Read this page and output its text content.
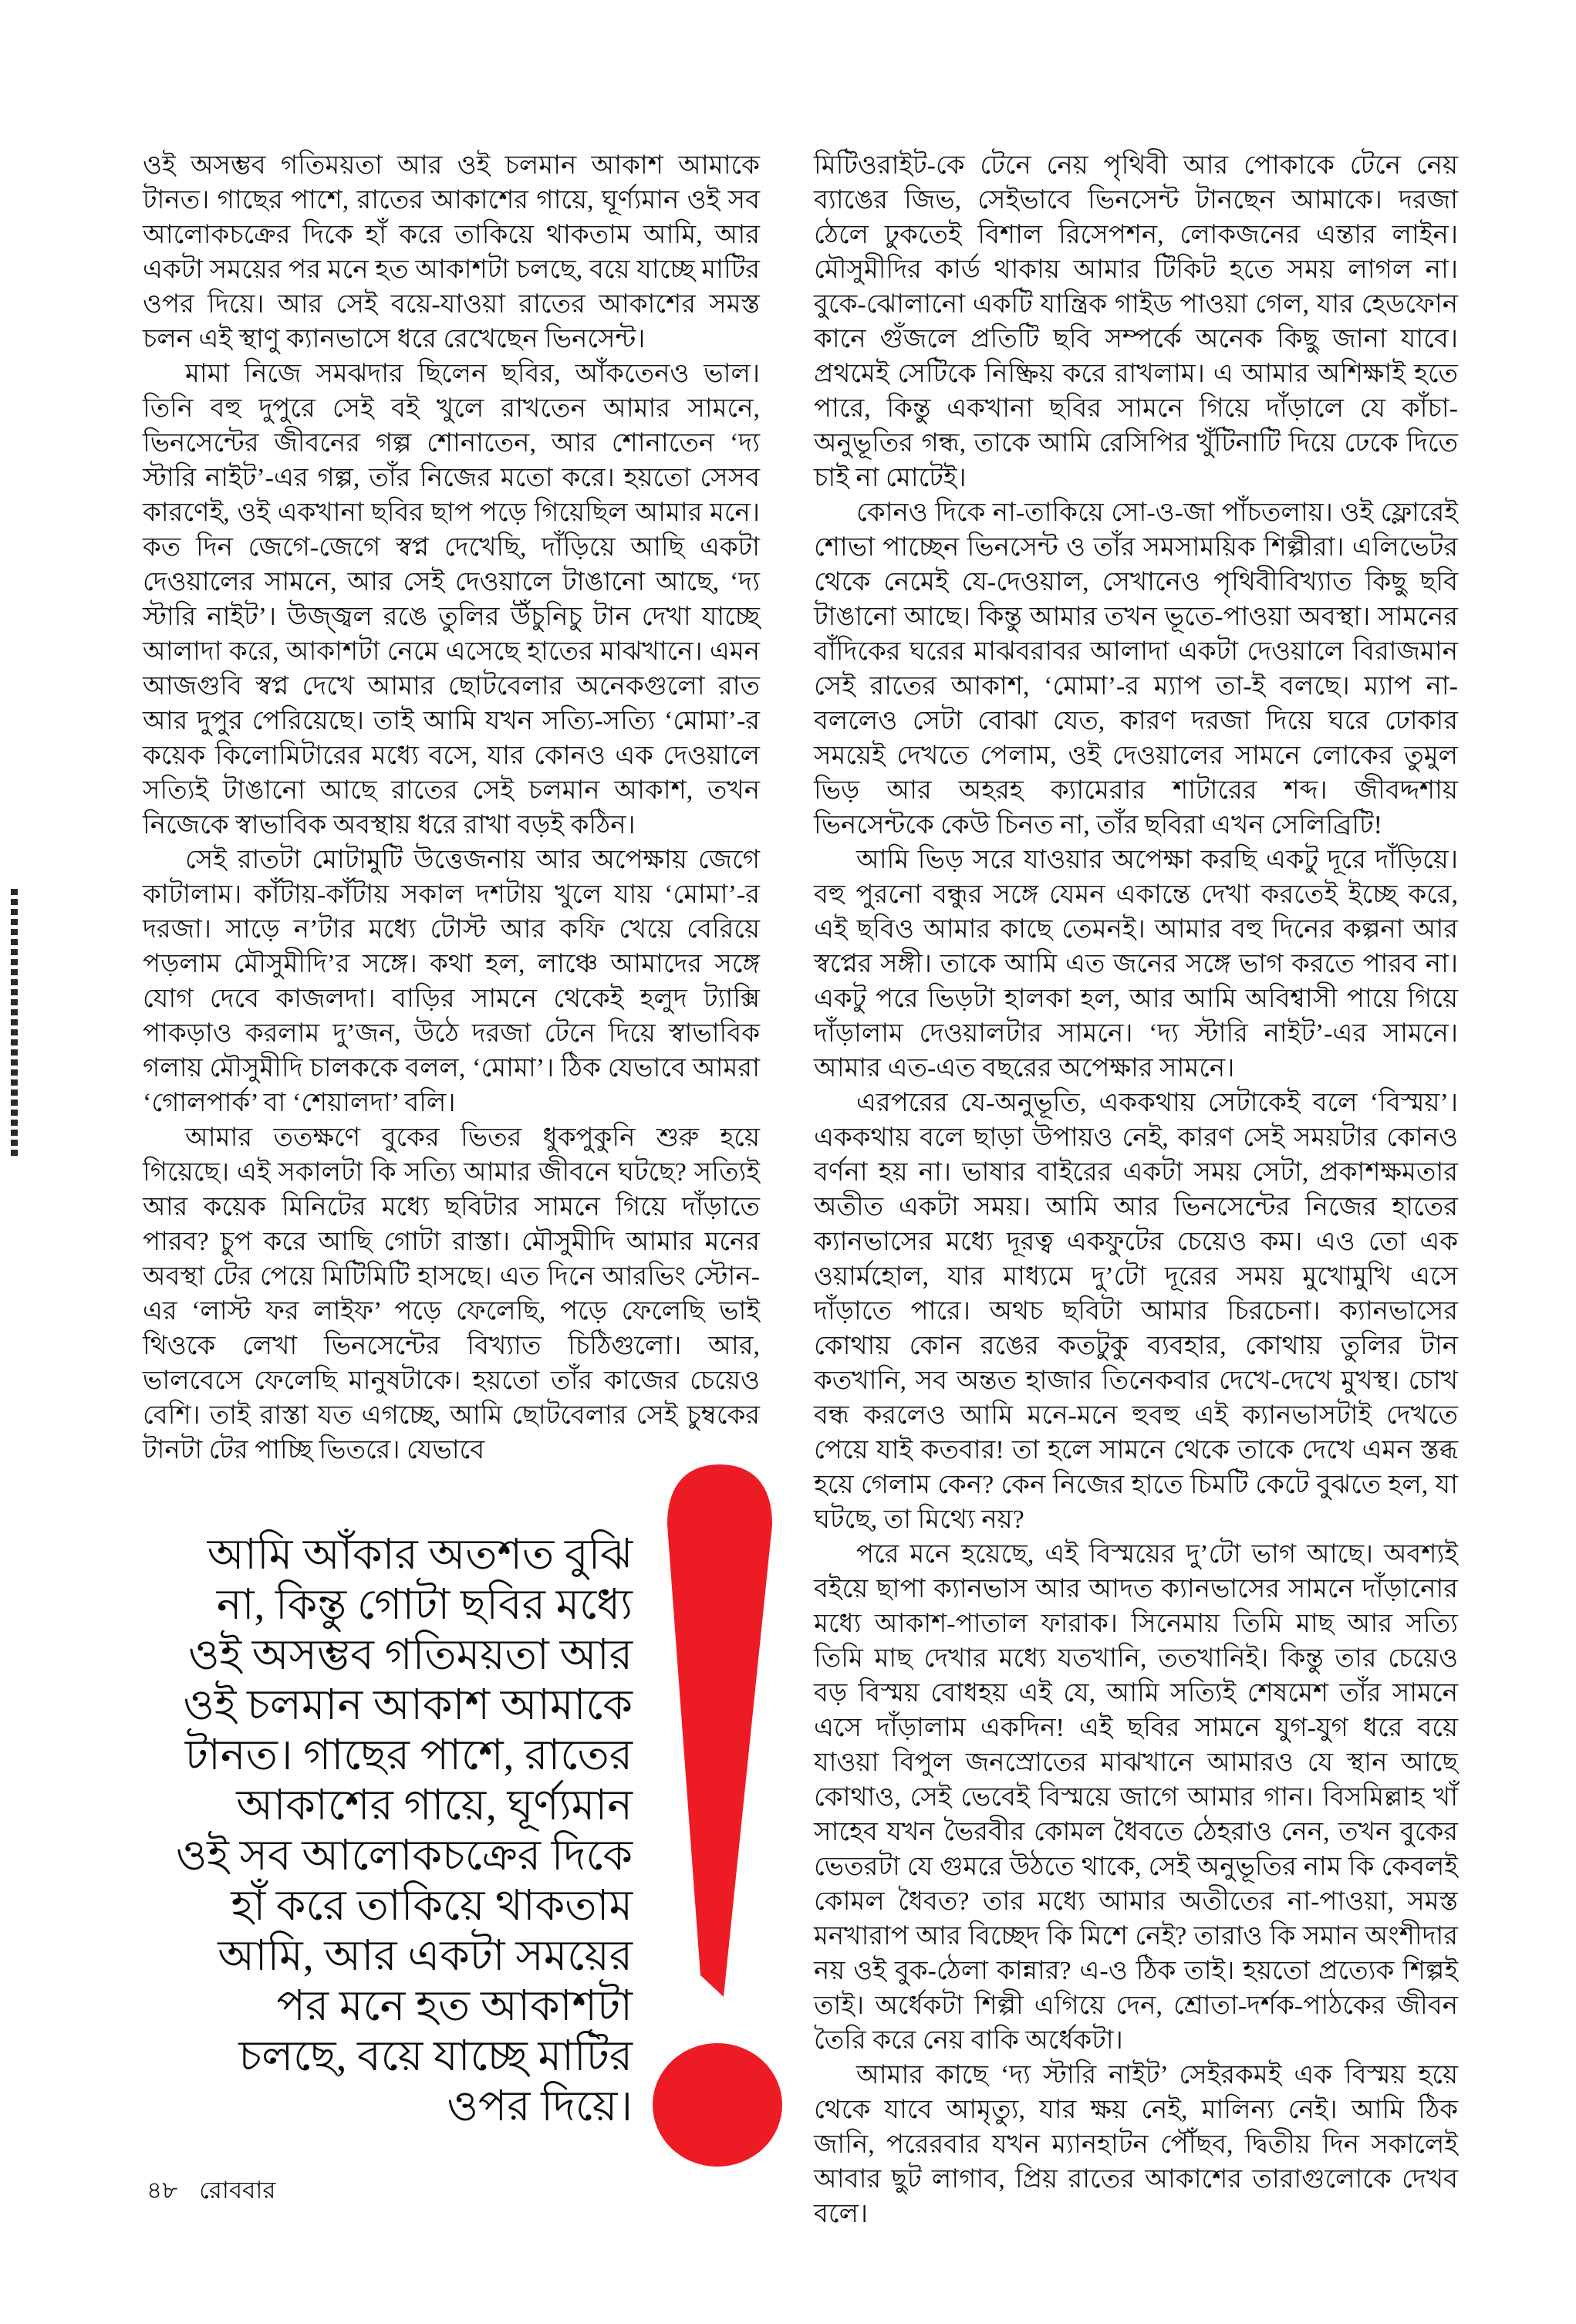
ওই অসম্ভব গতিময়তা আর ওই চলমান আকাশ আমাকে টানত। গাছের পাশে, রাতের আকাশের গায়ে, ঘূর্ণ্যমান ওই সব আলোকচক্রের দিকে হাঁ করে তাকিয়ে থাকতাম আমি, আর একটা সময়ের পর মনে হত আকাশটা চলছে, বয়ে যাচ্ছে মাটির ওপর দিয়ে। আর সেই বয়ে-যাওয়া রাতের আকাশের সমস্ত চলন এই স্থাণু ক্যানভাসে ধরে রেখেছেন ভিনসেন্ট।

মামা নিজে সমঝদার ছিলেন ছবির, আঁকতেনও ভাল। তিনি বহু দুপুরে সেই বই খুলে রাখতেন আমার সামনে, ভিনসেন্টের জীবনের গল্প শোনাতেন, আর শোনাতেন ‘দ্য স্টারি নাইট’-এর গল্প, তাঁর নিজের মতো করে। হয়তো সেসব কারণেই, ওই একখানা ছবির ছাপ পড়ে গিয়েছিল আমার মনে। কত দিন জেগে-জেগে স্বপ্ন দেখেছি, দাঁড়িয়ে আছি একটা দেওয়ালের সামনে, আর সেই দেওয়ালে টাঙানো আছে, ‘দ্য স্টারি নাইট’। উজ্জ্বল রঙে তুলির উঁচুনিচু টান দেখা যাচ্ছে আলাদা করে, আকাশটা নেমে এসেছে হাতের মাঝখানে। এমন আজগুবি স্বপ্ন দেখে আমার ছোটবেলার অনেকগুলো রাত আর দুপুর পেরিয়েছে। তাই আমি যখন সত্যি-সত্যি ‘মোমা’-র কয়েক কিলোমিটারের মধ্যে বসে, যার কোনও এক দেওয়ালে সত্যিই টাঙানো আছে রাতের সেই চলমান আকাশ, তখন নিজেকে স্বাভাবিক অবস্থায় ধরে রাখা বড়ই কঠিন।

সেই রাতটা মোটামুটি উত্তেজনায় আর অপেক্ষায় জেগে কাটালাম। কাঁটায়-কাঁটায় সকাল দশটায় খুলে যায় ‘মোমা’-র দরজা। সাড়ে ন’টার মধ্যে টোস্ট আর কফি খেয়ে বেরিয়ে পড়লাম মৌসুমীদি’র সঙ্গে। কথা হল, লাঞ্চে আমাদের সঙ্গে যোগ দেবে কাজলদা। বাড়ির সামনে থেকেই হলুদ ট্যাক্সি পাকড়াও করলাম দু’জন, উঠে দরজা টেনে দিয়ে স্বাভাবিক গলায় মৌসুমীদি চালককে বলল, ‘মোমা’। ঠিক যেভাবে আমরা ‘গোলপার্ক’ বা ‘শেয়ালদা’ বলি।

আমার ততক্ষণে বুকের ভিতর ধুকপুকুনি শুরু হয়ে গিয়েছে। এই সকালটা কি সত্যি আমার জীবনে ঘটছে? সত্যিই আর কয়েক মিনিটের মধ্যে ছবিটার সামনে গিয়ে দাঁড়াতে পারব? চুপ করে আছি গোটা রাস্তা। মৌসুমীদি আমার মনের অবস্থা টের পেয়ে মিটিমিটি হাসছে। এত দিনে আরভিং স্টোন-এর ‘লাস্ট ফর লাইফ’ পড়ে ফেলেছি, পড়ে ফেলেছি ভাই থিওকে লেখা ভিনসেন্টের বিখ্যাত চিঠিগুলো। আর, ভালবেসে ফেলেছি মানুষটাকে। হয়তো তাঁর কাজের চেয়েও বেশি। তাই রাস্তা যত এগচ্ছে, আমি ছোটবেলার সেই চুম্বকের টানটা টের পাচ্ছি ভিতরে। যেভাবে

মিটিওরাইট-কে টেনে নেয় পৃথিবী আর পোকাকে টেনে নেয় ব্যাঙের জিভ, সেইভাবে ভিনসেন্ট টানছেন আমাকে। দরজা ঠেলে ঢুকতেই বিশাল রিসেপশন, লোকজনের এন্তার লাইন। মৌসুমীদির কার্ড থাকায় আমার টিকিট হতে সময় লাগল না। বুকে-ঝোলানো একটি যান্ত্রিক গাইড পাওয়া গেল, যার হেডফোন কানে গুঁজলে প্রতিটি ছবি সম্পর্কে অনেক কিছু জানা যাবে। প্রথমেই সেটিকে নিষ্ক্রিয় করে রাখলাম। এ আমার অশিক্ষাই হতে পারে, কিন্তু একখানা ছবির সামনে গিয়ে দাঁড়ালে যে কাঁচা-অনুভূতির গন্ধ, তাকে আমি রেসিপির খুঁটিনাটি দিয়ে ঢেকে দিতে চাই না মোটেই।

কোনও দিকে না-তাকিয়ে সো-ও-জা পাঁচতলায়। ওই ফ্লোরেই শোভা পাচ্ছেন ভিনসেন্ট ও তাঁর সমসাময়িক শিল্পীরা। এলিভেটর থেকে নেমেই যে-দেওয়াল, সেখানেও পৃথিবীবিখ্যাত কিছু ছবি টাঙানো আছে। কিন্তু আমার তখন ভূতে-পাওয়া অবস্থা। সামনের বাঁদিকের ঘরের মাঝবরাবর আলাদা একটা দেওয়ালে বিরাজমান সেই রাতের আকাশ, ‘মোমা’-র ম্যাপ তা-ই বলছে। ম্যাপ না-বললেও সেটা বোঝা যেত, কারণ দরজা দিয়ে ঘরে ঢোকার সময়েই দেখতে পেলাম, ওই দেওয়ালের সামনে লোকের তুমুল ভিড় আর অহরহ ক্যামেরার শাটারের শব্দ। জীবদ্দশায় ভিনসেন্টকে কেউ চিনত না, তাঁর ছবিরা এখন সেলিব্রিটি!

আমি ভিড় সরে যাওয়ার অপেক্ষা করছি একটু দূরে দাঁড়িয়ে। বহু পুরনো বন্ধুর সঙ্গে যেমন একান্তে দেখা করতেই ইচ্ছে করে, এই ছবিও আমার কাছে তেমনই। আমার বহু দিনের কল্পনা আর স্বপ্নের সঙ্গী। তাকে আমি এত জনের সঙ্গে ভাগ করতে পারব না। একটু পরে ভিড়টা হালকা হল, আর আমি অবিশ্বাসী পায়ে গিয়ে দাঁড়ালাম দেওয়ালটার সামনে। ‘দ্য স্টারি নাইট’-এর সামনে। আমার এত-এত বছরের অপেক্ষার সামনে।

এরপরের যে-অনুভূতি, এককথায় সেটাকেই বলে ‘বিস্ময়’। এককথায় বলে ছাড়া উপায়ও নেই, কারণ সেই সময়টার কোনও বর্ণনা হয় না। ভাষার বাইরের একটা সময় সেটা, প্রকাশক্ষমতার অতীত একটা সময়। আমি আর ভিনসেন্টের নিজের হাতের ক্যানভাসের মধ্যে দূরত্ব একফুটের চেয়েও কম। এও তো এক ওয়ার্মহোল, যার মাধ্যমে দু’টো দূরের সময় মুখোমুখি এসে দাঁড়াতে পারে। অথচ ছবিটা আমার চিরচেনা। ক্যানভাসের কোথায় কোন রঙের কতটুকু ব্যবহার, কোথায় তুলির টান কতখানি, সব অন্তত হাজার তিনেকবার দেখে-দেখে মুখস্থ। চোখ বন্ধ করলেও আমি মনে-মনে হুবহু এই ক্যানভাসটাই দেখতে পেয়ে যাই কতবার! তা হলে সামনে থেকে তাকে দেখে এমন স্তব্ধ হয়ে গেলাম কেন? কেন নিজের হাতে চিমটি কেটে বুঝতে হল, যা ঘটছে, তা মিথ্যে নয়?

পরে মনে হয়েছে, এই বিস্ময়ের দু’টো ভাগ আছে। অবশ্যই বইয়ে ছাপা ক্যানভাস আর আদত ক্যানভাসের সামনে দাঁড়ানোর মধ্যে আকাশ-পাতাল ফারাক। সিনেমায় তিমি মাছ আর সত্যি তিমি মাছ দেখার মধ্যে যতখানি, ততখানিই। কিন্তু তার চেয়েও বড় বিস্ময় বোধহয় এই যে, আমি সত্যিই শেষমেশ তাঁর সামনে এসে দাঁড়ালাম একদিন! এই ছবির সামনে যুগ-যুগ ধরে বয়ে যাওয়া বিপুল জনস্রোতের মাঝখানে আমারও যে স্থান আছে কোথাও, সেই ভেবেই বিস্ময়ে জাগে আমার গান। বিসমিল্লাহ খাঁ সাহেব যখন ভৈরবীর কোমল ধৈবতে ঠেহরাও নেন, তখন বুকের ভেতরটা যে গুমরে উঠতে থাকে, সেই অনুভূতির নাম কি কেবলই কোমল ধৈবত? তার মধ্যে আমার অতীতের না-পাওয়া, সমস্ত মনখারাপ আর বিচ্ছেদ কি মিশে নেই? তারাও কি সমান অংশীদার নয় ওই বুক-ঠেলা কান্নার? এ-ও ঠিক তাই। হয়তো প্রত্যেক শিল্পই তাই। অর্ধেকটা শিল্পী এগিয়ে দেন, শ্রোতা-দর্শক-পাঠকের জীবন তৈরি করে নেয় বাকি অর্ধেকটা।

আমার কাছে ‘দ্য স্টারি নাইট’ সেইরকমই এক বিস্ময় হয়ে থেকে যাবে আমৃত্যু, যার ক্ষয় নেই, মালিন্য নেই। আমি ঠিক জানি, পরেরবার যখন ম্যানহাটন পৌঁছব, দ্বিতীয় দিন সকালেই আবার ছুট লাগাব, প্রিয় রাতের আকাশের তারাগুলোকে দেখব বলে।

আমি আঁকার অতশত বুঝি
না, কিন্তু গোটা ছবির মধ্যে
ওই অসম্ভব গতিময়তা আর
ওই চলমান আকাশ আমাকে
টানত। গাছের পাশে, রাতের
আকাশের গায়ে, ঘূর্ণ্যমান
ওই সব আলোকচক্রের দিকে
হাঁ করে তাকিয়ে থাকতাম
আমি, আর একটা সময়ের
পর মনে হত আকাশটা
চলছে, বয়ে যাচ্ছে মাটির
ওপর দিয়ে।
৪৮ রোববার
